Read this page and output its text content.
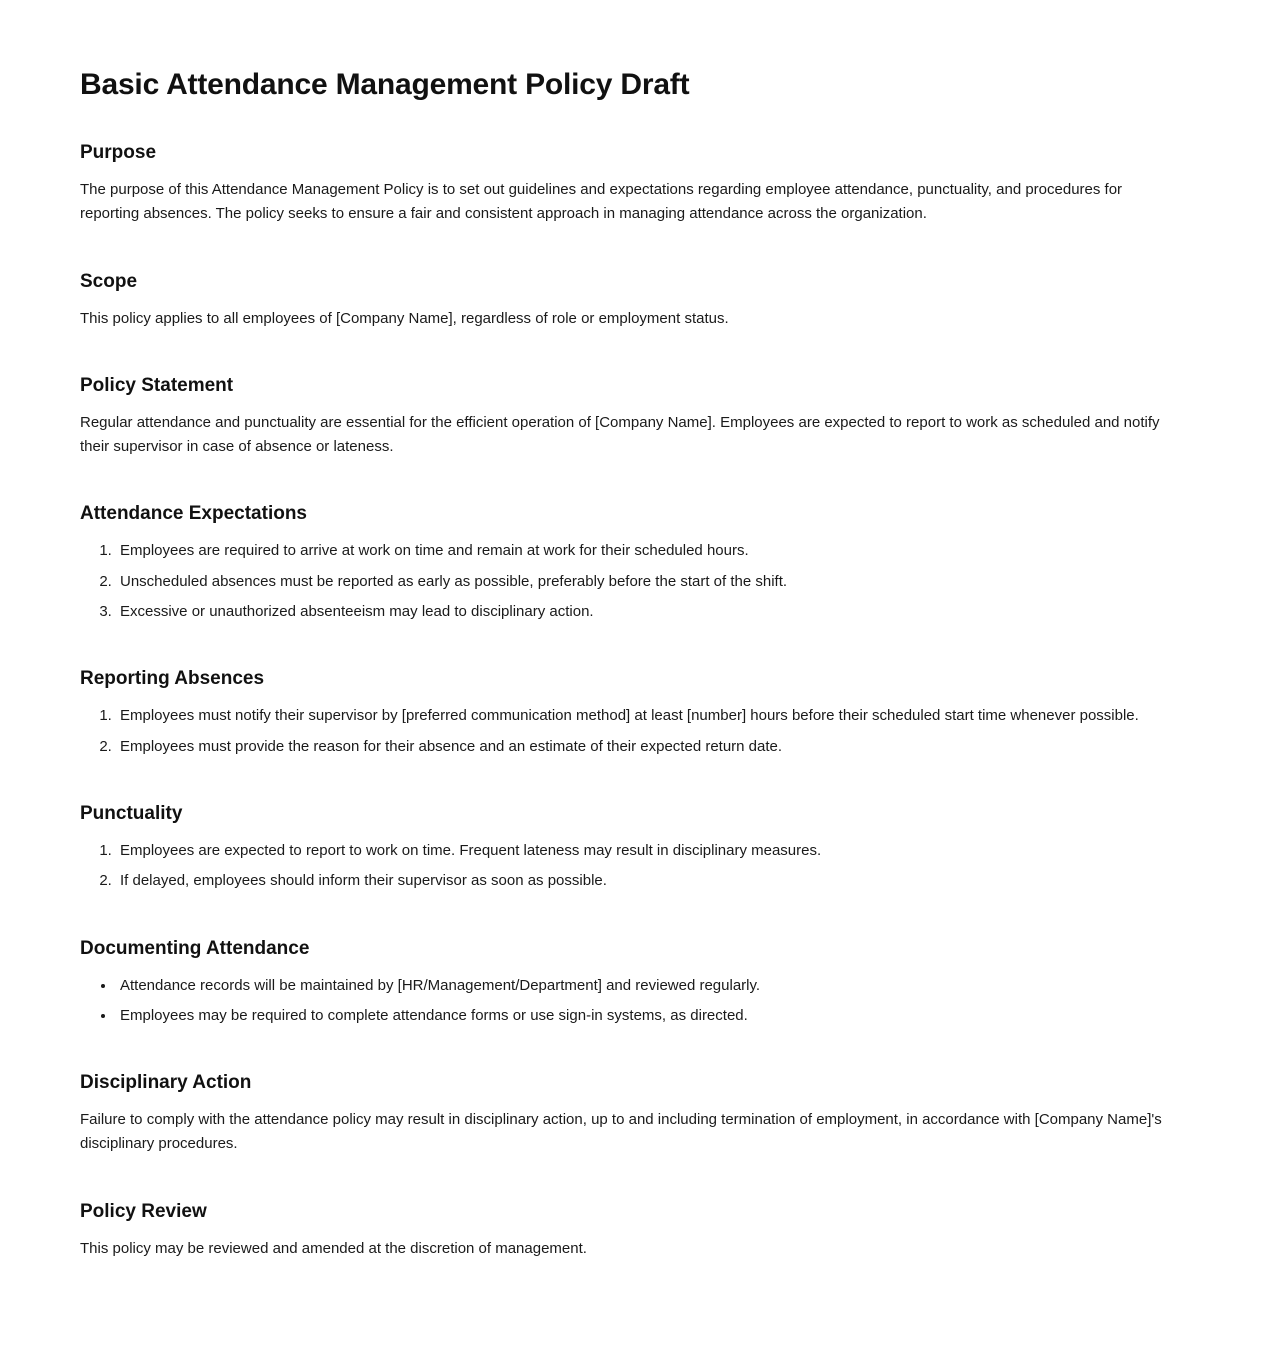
Basic Attendance Management Policy Draft
Purpose

The purpose of this Attendance Management Policy is to set out guidelines and expectations regarding employee attendance, punctuality, and procedures for reporting absences. The policy seeks to ensure a fair and consistent approach in managing attendance across the organization.

Scope

This policy applies to all employees of [Company Name], regardless of role or employment status.

Policy Statement

Regular attendance and punctuality are essential for the efficient operation of [Company Name]. Employees are expected to report to work as scheduled and notify their supervisor in case of absence or lateness.

Attendance Expectations
1. Employees are required to arrive at work on time and remain at work for their scheduled hours.
2. Unscheduled absences must be reported as early as possible, preferably before the start of the shift.
3. Excessive or unauthorized absenteeism may lead to disciplinary action.
Reporting Absences
1. Employees must notify their supervisor by [preferred communication method] at least [number] hours before their scheduled start time whenever possible.
2. Employees must provide the reason for their absence and an estimate of their expected return date.
Punctuality
1. Employees are expected to report to work on time. Frequent lateness may result in disciplinary measures.
2. If delayed, employees should inform their supervisor as soon as possible.
Documenting Attendance
• Attendance records will be maintained by [HR/Management/Department] and reviewed regularly.
• Employees may be required to complete attendance forms or use sign-in systems, as directed.
Disciplinary Action

Failure to comply with the attendance policy may result in disciplinary action, up to and including termination of employment, in accordance with [Company Name]'s disciplinary procedures.

Policy Review

This policy may be reviewed and amended at the discretion of management.
